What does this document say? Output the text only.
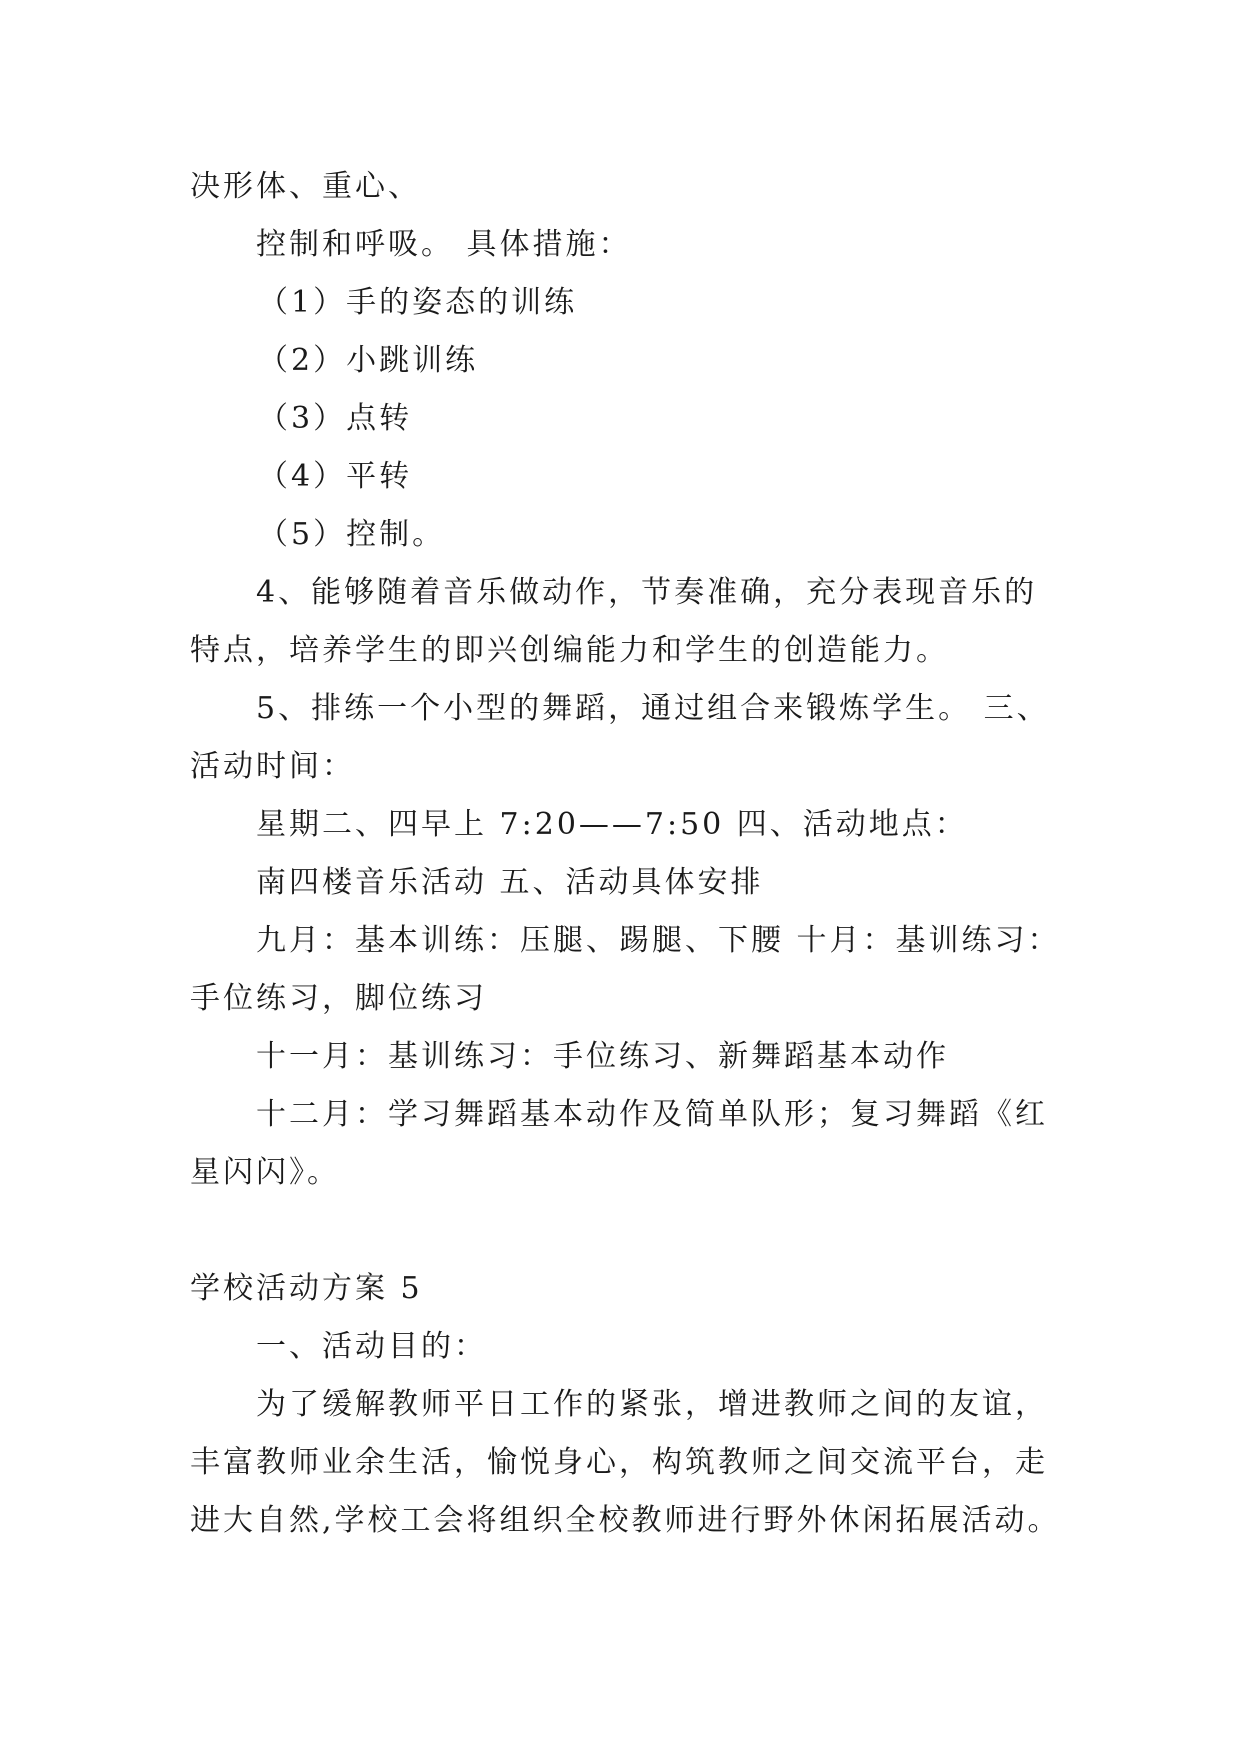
决形体、重心、
控制和呼吸。 具体措施：
（1）手的姿态的训练
（2）小跳训练
（3）点转
（4）平转
（5）控制。
4、能够随着音乐做动作，节奏准确，充分表现音乐的
特点，培养学生的即兴创编能力和学生的创造能力。
5、排练一个小型的舞蹈，通过组合来锻炼学生。 三、
活动时间：
星期二、四早上 7:20——7:50 四、活动地点：
南四楼音乐活动 五、活动具体安排
九月：基本训练：压腿、踢腿、下腰 十月：基训练习：
手位练习，脚位练习
十一月：基训练习：手位练习、新舞蹈基本动作
十二月：学习舞蹈基本动作及简单队形；复习舞蹈《红
星闪闪》。
学校活动方案 5
一、活动目的：
为了缓解教师平日工作的紧张，增进教师之间的友谊，
丰富教师业余生活，愉悦身心，构筑教师之间交流平台，走
进大自然,学校工会将组织全校教师进行野外休闲拓展活动。
